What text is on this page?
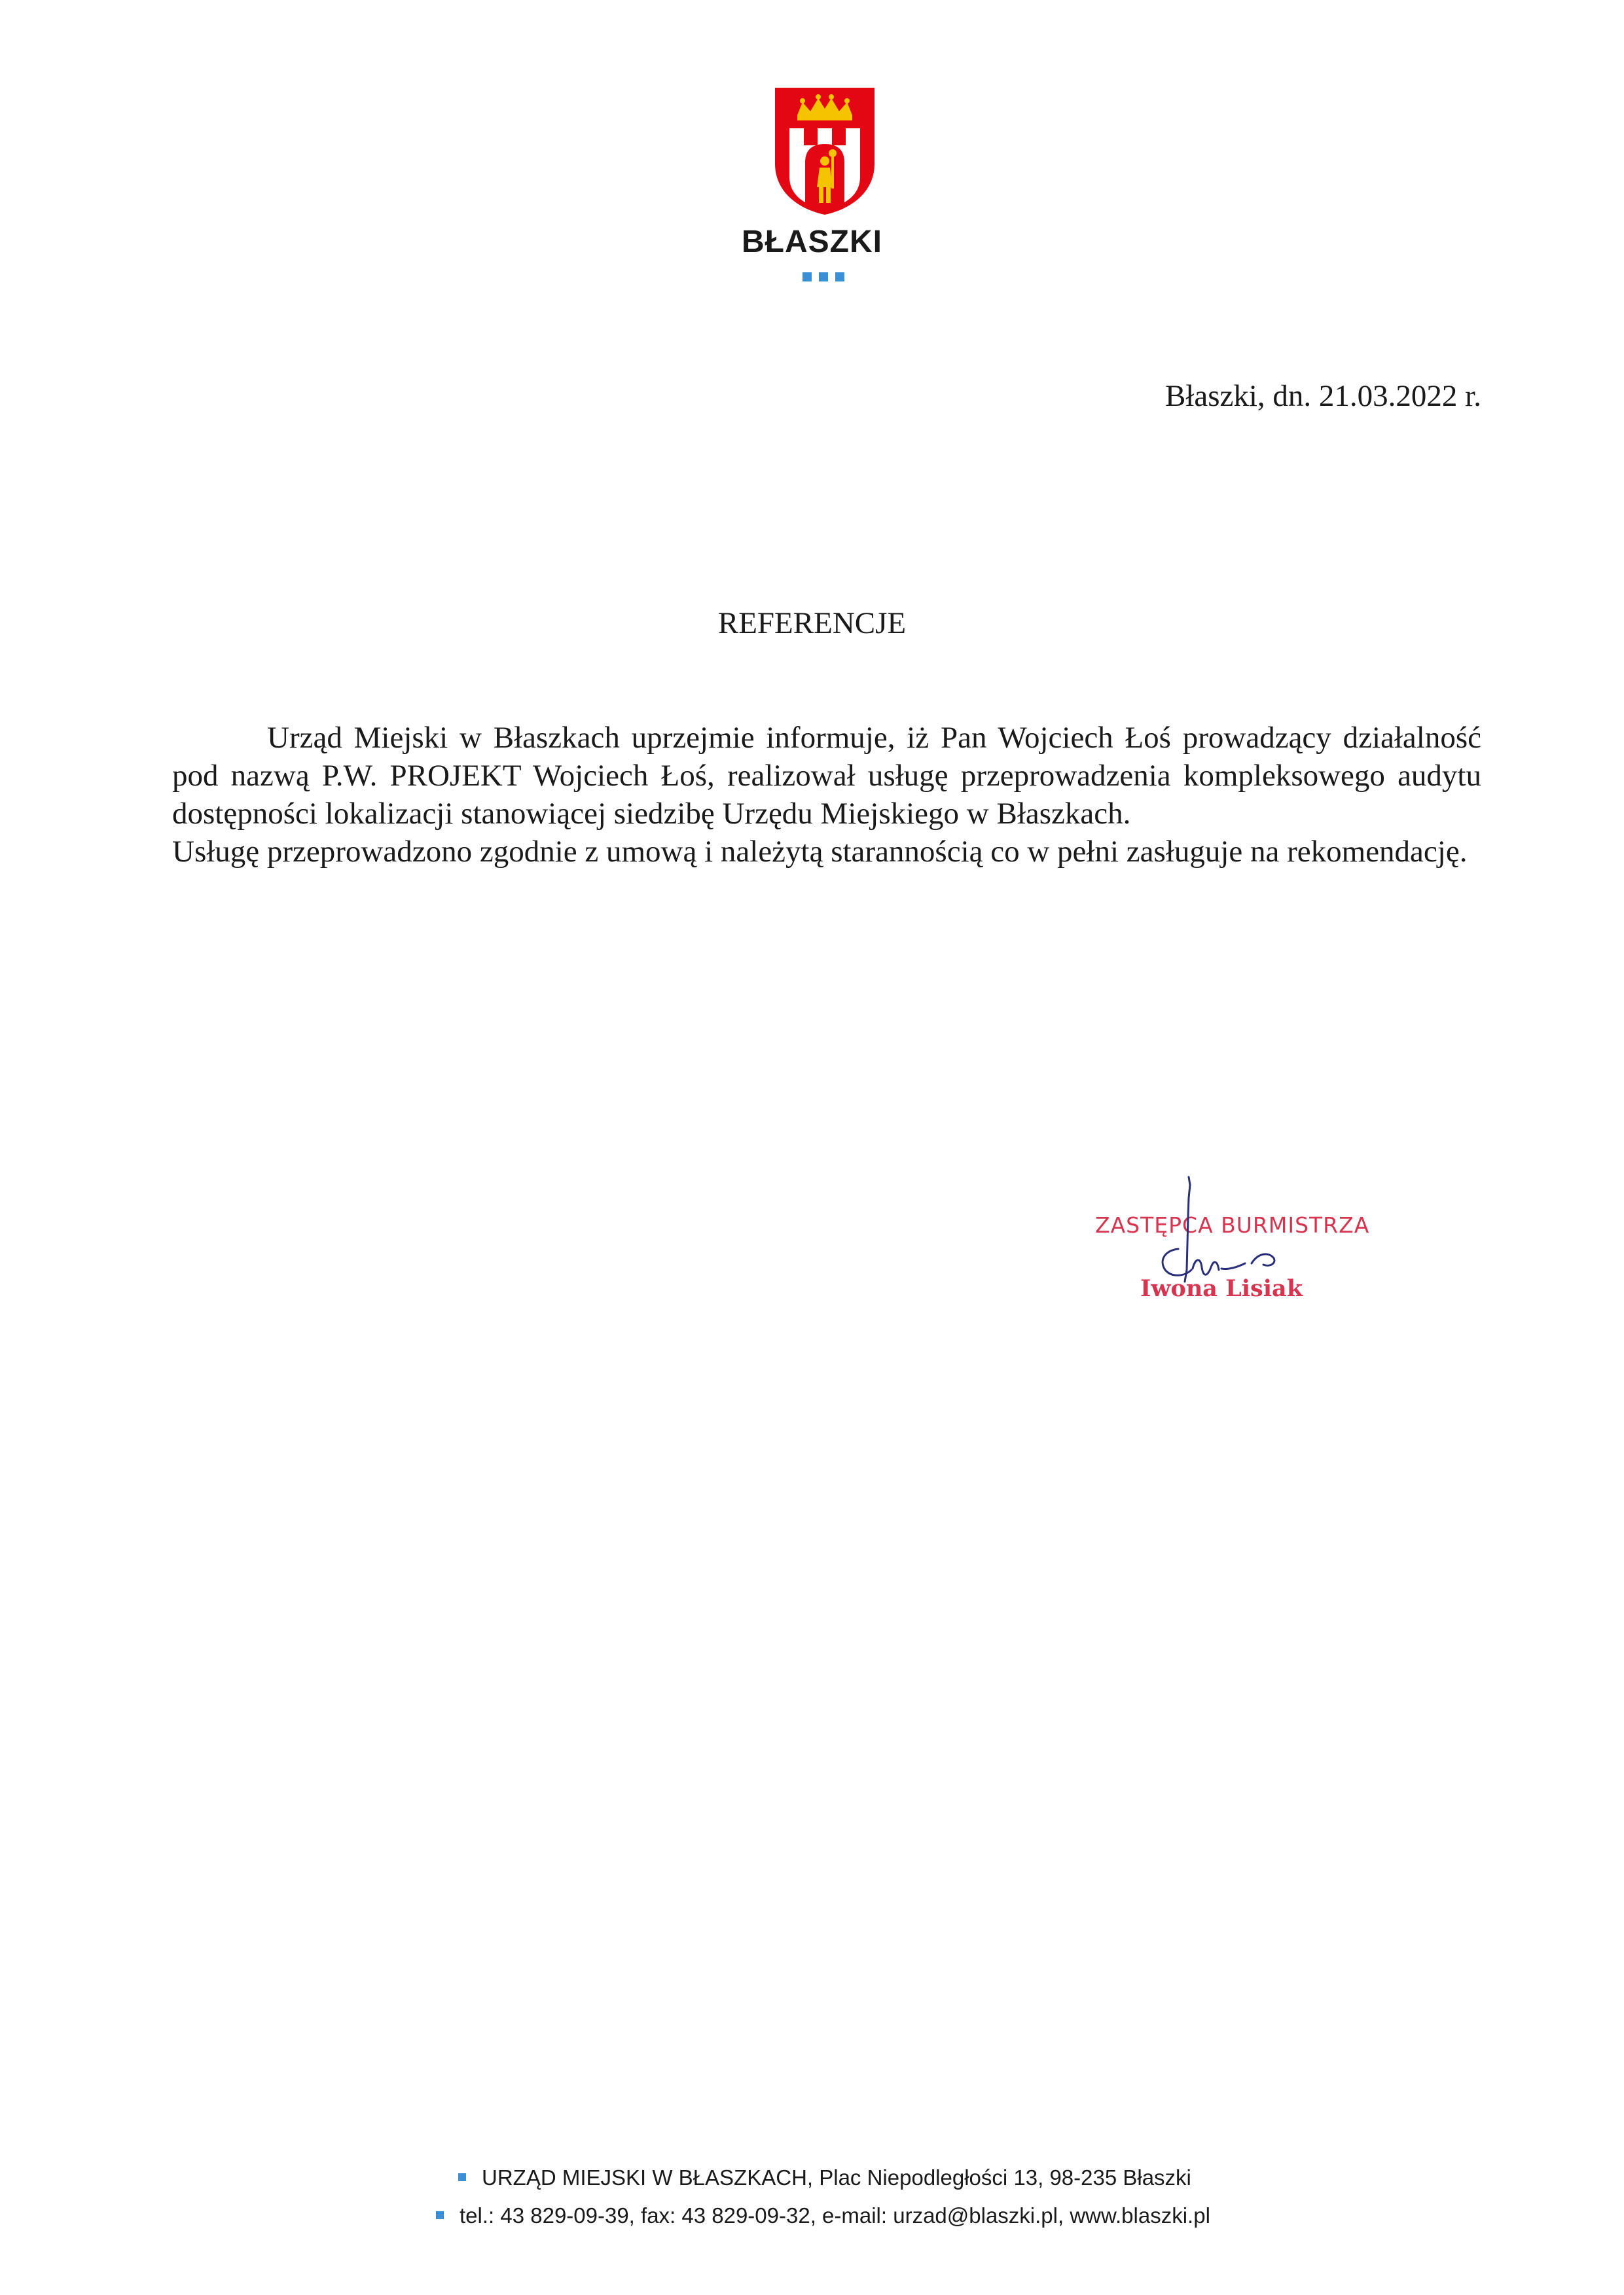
BŁASZKI
Błaszki, dn. 21.03.2022 r.
REFERENCJE

Urząd Miejski w Błaszkach uprzejmie informuje, iż Pan Wojciech Łoś prowadzący działalność pod nazwą P.W. PROJEKT Wojciech Łoś, realizował usługę przeprowadzenia kompleksowego audytu dostępności lokalizacji stanowiącej siedzibę Urzędu Miejskiego w Błaszkach.

Usługę przeprowadzono zgodnie z umową i należytą starannością co w pełni zasługuje na rekomendację.

ZASTĘPCA BURMISTRZA
Iwona Lisiak
URZĄD MIEJSKI W BŁASZKACH, Plac Niepodległości 13, 98-235 Błaszki
tel.: 43 829-09-39, fax: 43 829-09-32, e-mail: urzad@blaszki.pl, www.blaszki.pl
